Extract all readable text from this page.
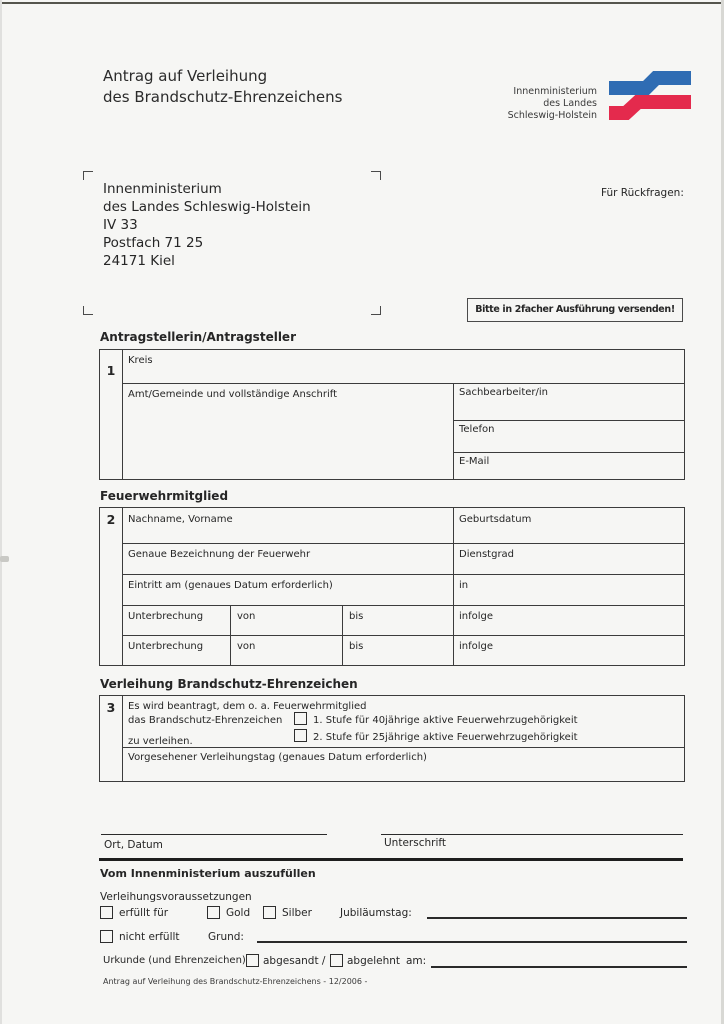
Antrag auf Verleihung
des Brandschutz-Ehrenzeichens	Innenministerium
des Landes
Schleswig-Holstein
Innenministerium
des Landes Schleswig-Holstein
IV 33
Postfach 71 25
24171 Kiel
Für Rückfragen:
Bitte in 2facher Ausführung versenden!
Antragstellerin/Antragsteller
1
Kreis
Amt/Gemeinde und vollständige Anschrift	Sachbearbeiter/in
Telefon
E-Mail
Feuerwehrmitglied
2	Nachname, Vorname	Geburtsdatum
Genaue Bezeichnung der Feuerwehr	Dienstgrad
Eintritt am (genaues Datum erforderlich)	in
Unterbrechung	von	bis	infolge
Unterbrechung	von	bis	infolge
Verleihung Brandschutz-Ehrenzeichen
3	Es wird beantragt, dem o. a. Feuerwehrmitglied
das Brandschutz-Ehrenzeichen	1. Stufe für 40jährige aktive Feuerwehrzugehörigkeit
2. Stufe für 25jährige aktive Feuerwehrzugehörigkeit
zu verleihen.
Vorgesehener Verleihungstag (genaues Datum erforderlich)
Ort, Datum	Unterschrift
Vom Innenministerium auszufüllen
Verleihungsvoraussetzungen
erfüllt für	Gold	Silber	Jubiläumstag:
nicht erfüllt	Grund:
Urkunde (und Ehrenzeichen) abgesandt / abgelehnt am:
Antrag auf Verleihung des Brandschutz-Ehrenzeichens - 12/2006 -
